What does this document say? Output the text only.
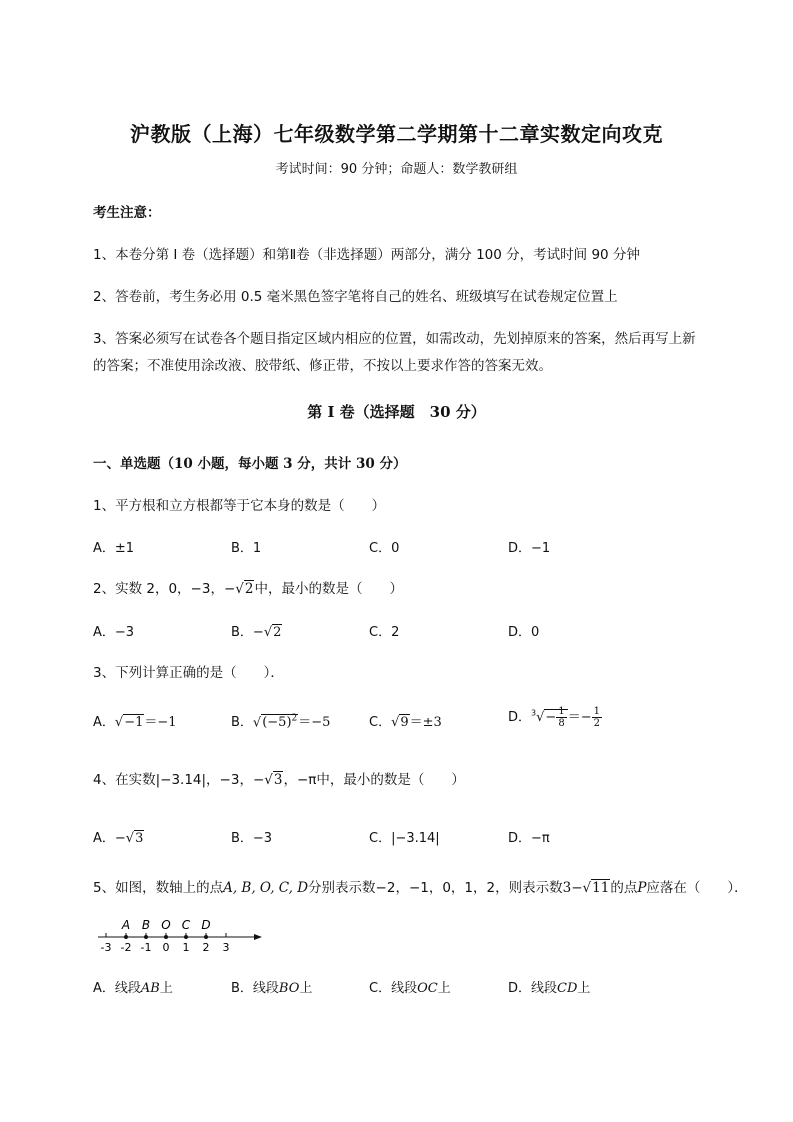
沪教版（上海）七年级数学第二学期第十二章实数定向攻克
考试时间：90 分钟；命题人：数学教研组
考生注意：
1、本卷分第 I 卷（选择题）和第Ⅱ卷（非选择题）两部分，满分 100 分，考试时间 90 分钟
2、答卷前，考生务必用 0.5 毫米黑色签字笔将自己的姓名、班级填写在试卷规定位置上
3、答案必须写在试卷各个题目指定区域内相应的位置，如需改动，先划掉原来的答案，然后再写上新
的答案；不准使用涂改液、胶带纸、修正带，不按以上要求作答的答案无效。
第 I 卷（选择题　30 分）
一、单选题（10 小题，每小题 3 分，共计 30 分）
1、平方根和立方根都等于它本身的数是（　　）
A．±1	B．1	C．0	D．−1
2、实数 2，0，−3，−√2中，最小的数是（　　）
A．−3	B．−√2	C．2	D．0
3、下列计算正确的是（　　）．
A．√−1＝−1	B．$√(-5)^2=-5$	C．√9＝±3	D．$^3√- \frac{1}{8} =- \frac{1}{2}$
4、在实数|−3.14|，−3，−√3，−π中，最小的数是（　　）
A．−√3	B．−3	C．|−3.14|	D．−π
5、如图，数轴上的点A, B, O, C, D分别表示数−2，−1，0，1，2，则表示数3−√11的点P应落在（　　）．
A B O C D
-3 -2 -1 0 1 2 3
A．线段AB上	B．线段BO上	C．线段OC上	D．线段CD上
